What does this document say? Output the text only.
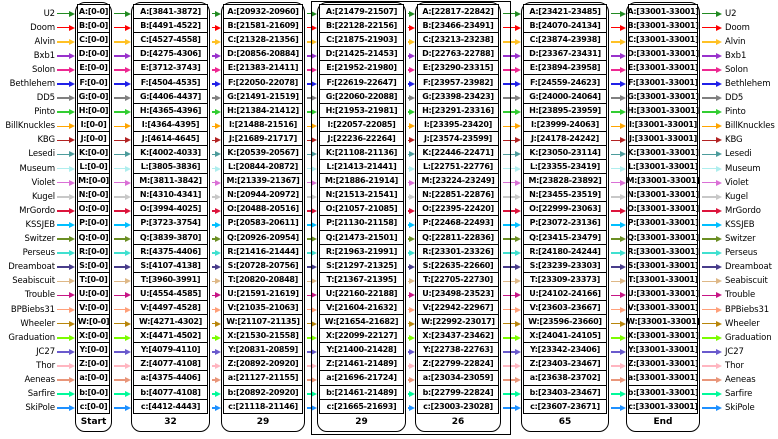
U2
Doom
Alvin
Bxb1
Solon
Bethlehem
DD5
Pinto
BillKnuckles
KBG
Lesedi
Museum
Violet
Kugel
MrGordo
KSSJEB
Switzer
Perseus
Dreamboat
Seabiscuit
Trouble
BPBiebs31
Wheeler
Graduation
JC27
Thor
Aeneas
Sarfire
SkiPole
A:[0-0]
B:[0-0]
C:[0-0]
D:[0-0]
E:[0-0]
F:[0-0]
G:[0-0]
H:[0-0]
I:[0-0]
J:[0-0]
K:[0-0]
L:[0-0]
M:[0-0]
N:[0-0]
O:[0-0]
P:[0-0]
Q:[0-0]
R:[0-0]
S:[0-0]
T:[0-0]
U:[0-0]
V:[0-0]
W:[0-0]
X:[0-0]
Y:[0-0]
Z:[0-0]
a:[0-0]
b:[0-0]
c:[0-0]
Start
A:[3841-3872]
B:[4491-4522]
C:[4527-4558]
D:[4275-4306]
E:[3712-3743]
F:[4504-4535]
G:[4406-4437]
H:[4365-4396]
I:[4364-4395]
J:[4614-4645]
K:[4002-4033]
L:[3805-3836]
M:[3811-3842]
N:[4310-4341]
O:[3994-4025]
P:[3723-3754]
Q:[3839-3870]
R:[4375-4406]
S:[4107-4138]
T:[3960-3991]
U:[4554-4585]
V:[4497-4528]
W:[4271-4302]
X:[4471-4502]
Y:[4079-4110]
Z:[4077-4108]
a:[4375-4406]
b:[4077-4108]
c:[4412-4443]
32
A:[20932-20960]
B:[21581-21609]
C:[21328-21356]
D:[20856-20884]
E:[21383-21411]
F:[22050-22078]
G:[21491-21519]
H:[21384-21412]
I:[21488-21516]
J:[21689-21717]
K:[20539-20567]
L:[20844-20872]
M:[21339-21367]
N:[20944-20972]
O:[20488-20516]
P:[20583-20611]
Q:[20926-20954]
R:[21416-21444]
S:[20728-20756]
T:[20820-20848]
U:[21591-21619]
V:[21035-21063]
W:[21107-21135]
X:[21530-21558]
Y:[20831-20859]
Z:[20892-20920]
a:[21127-21155]
b:[20892-20920]
c:[21118-21146]
29
A:[21479-21507]
B:[22128-22156]
C:[21875-21903]
D:[21425-21453]
E:[21952-21980]
F:[22619-22647]
G:[22060-22088]
H:[21953-21981]
I:[22057-22085]
J:[22236-22264]
K:[21108-21136]
L:[21413-21441]
M:[21886-21914]
N:[21513-21541]
O:[21057-21085]
P:[21130-21158]
Q:[21473-21501]
R:[21963-21991]
S:[21297-21325]
T:[21367-21395]
U:[22160-22188]
V:[21604-21632]
W:[21654-21682]
X:[22099-22127]
Y:[21400-21428]
Z:[21461-21489]
a:[21696-21724]
b:[21461-21489]
c:[21665-21693]
29
A:[22817-22842]
B:[23466-23491]
C:[23213-23238]
D:[22763-22788]
E:[23290-23315]
F:[23957-23982]
G:[23398-23423]
H:[23291-23316]
I:[23395-23420]
J:[23574-23599]
K:[22446-22471]
L:[22751-22776]
M:[23224-23249]
N:[22851-22876]
O:[22395-22420]
P:[22468-22493]
Q:[22811-22836]
R:[23301-23326]
S:[22635-22660]
T:[22705-22730]
U:[23498-23523]
V:[22942-22967]
W:[22992-23017]
X:[23437-23462]
Y:[22738-22763]
Z:[22799-22824]
a:[23034-23059]
b:[22799-22824]
c:[23003-23028]
26
A:[23421-23485]
B:[24070-24134]
C:[23874-23938]
D:[23367-23431]
E:[23894-23958]
F:[24559-24623]
G:[24000-24064]
H:[23895-23959]
I:[23999-24063]
J:[24178-24242]
K:[23050-23114]
L:[23355-23419]
M:[23828-23892]
N:[23455-23519]
O:[22999-23063]
P:[23072-23136]
Q:[23415-23479]
R:[24180-24244]
S:[23239-23303]
T:[23309-23373]
U:[24102-24166]
V:[23603-23667]
W:[23596-23660]
X:[24041-24105]
Y:[23342-23406]
Z:[23403-23467]
a:[23638-23702]
b:[23403-23467]
c:[23607-23671]
65
A:[33001-33001]
B:[33001-33001]
C:[33001-33001]
D:[33001-33001]
E:[33001-33001]
F:[33001-33001]
G:[33001-33001]
H:[33001-33001]
I:[33001-33001]
J:[33001-33001]
K:[33001-33001]
L:[33001-33001]
M:[33001-33001]
N:[33001-33001]
O:[33001-33001]
P:[33001-33001]
Q:[33001-33001]
R:[33001-33001]
S:[33001-33001]
T:[33001-33001]
U:[33001-33001]
V:[33001-33001]
W:[33001-33001]
X:[33001-33001]
Y:[33001-33001]
Z:[33001-33001]
a:[33001-33001]
b:[33001-33001]
c:[33001-33001]
End
U2
Doom
Alvin
Bxb1
Solon
Bethlehem
DD5
Pinto
BillKnuckles
KBG
Lesedi
Museum
Violet
Kugel
MrGordo
KSSJEB
Switzer
Perseus
Dreamboat
Seabiscuit
Trouble
BPBiebs31
Wheeler
Graduation
JC27
Thor
Aeneas
Sarfire
SkiPole
